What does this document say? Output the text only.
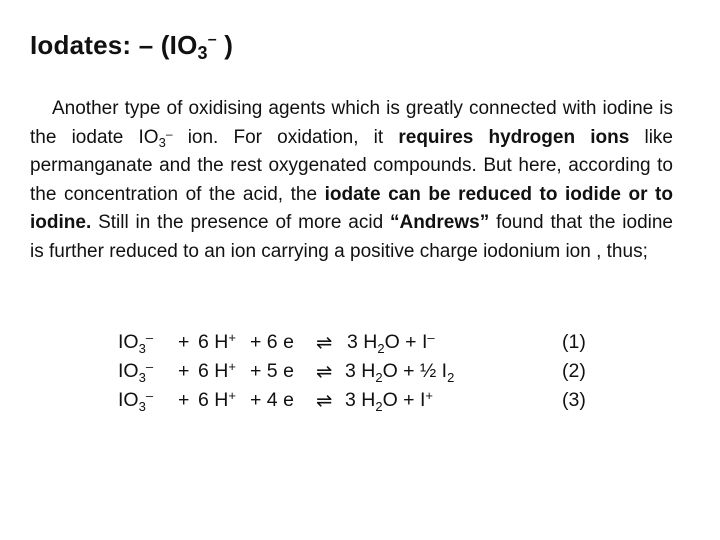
Iodates: – ($IO_3^-$ )
Another type of oxidising agents which is greatly connected with iodine is the iodate $IO_3^-$ ion. For oxidation, it requires hydrogen ions like permanganate and the rest oxygenated compounds. But here, according to the concentration of the acid, the iodate can be reduced to iodide or to iodine. Still in the presence of more acid “Andrews” found that the iodine is further reduced to an ion carrying a positive charge iodonium ion , thus;
$IO_3^- + 6$ H+ + 6 e ⇌ 3 $H_2O + I^-$	(1)
$IO_3^- + 6$ H+ + 5 e ⇌ 3 $H_2O$ + ½ $I_2$	(2)
$IO_3^- + 6$ H+ + 4 e ⇌ 3 $H_2O + I^+$	(3)
